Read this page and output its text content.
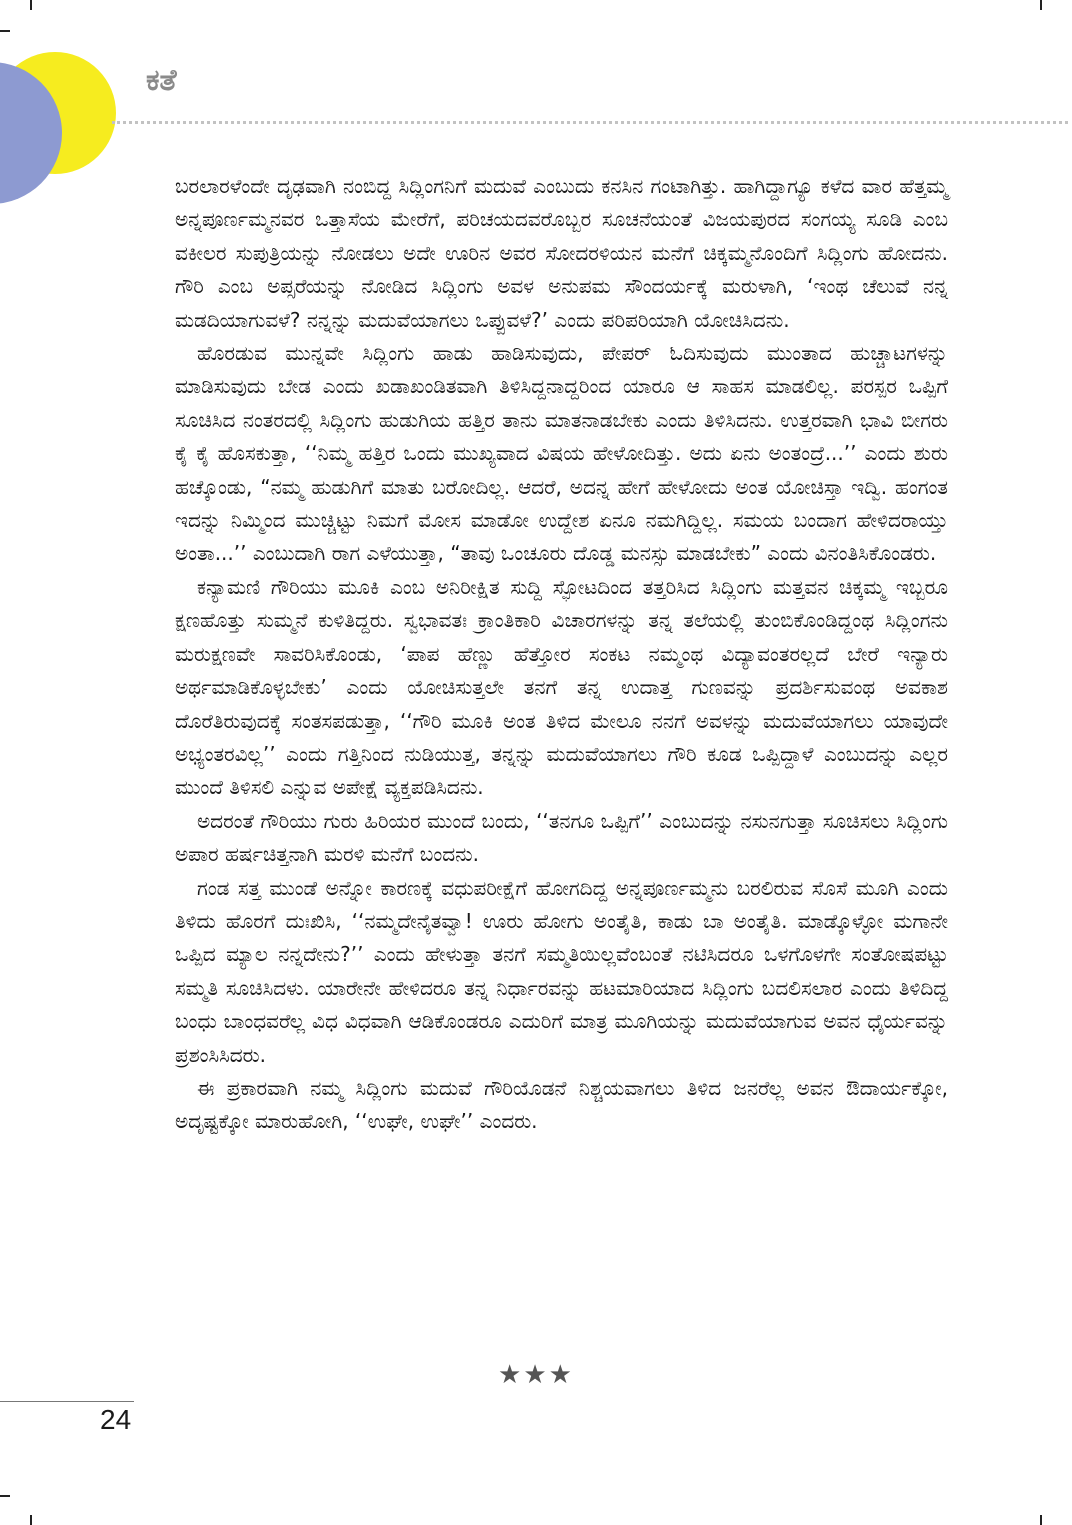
ಕತೆ

ಬರಲಾರಳೆಂದೇ ದೃಢವಾಗಿ ನಂಬಿದ್ದ ಸಿದ್ಲಿಂಗನಿಗೆ ಮದುವೆ ಎಂಬುದು ಕನಸಿನ ಗಂಟಾಗಿತ್ತು. ಹಾಗಿದ್ದಾಗ್ಯೂ ಕಳೆದ ವಾರ ಹೆತ್ತಮ್ಮ ಅನ್ನಪೂರ್ಣಮ್ಮನವರ ಒತ್ತಾಸೆಯ ಮೇರೆಗೆ, ಪರಿಚಯದವರೊಬ್ಬರ ಸೂಚನೆಯಂತೆ ವಿಜಯಪುರದ ಸಂಗಯ್ಯ ಸೂಡಿ ಎಂಬ ವಕೀಲರ ಸುಪುತ್ರಿಯನ್ನು ನೋಡಲು ಅದೇ ಊರಿನ ಅವರ ಸೋದರಳಿಯನ ಮನೆಗೆ ಚಿಕ್ಕಮ್ಮನೊಂದಿಗೆ ಸಿದ್ಲಿಂಗು ಹೋದನು. ಗೌರಿ ಎಂಬ ಅಪ್ಸರೆಯನ್ನು ನೋಡಿದ ಸಿದ್ಲಿಂಗು ಅವಳ ಅನುಪಮ ಸೌಂದರ್ಯಕ್ಕೆ ಮರುಳಾಗಿ, ‘ಇಂಥ ಚೆಲುವೆ ನನ್ನ ಮಡದಿಯಾಗುವಳೆ? ನನ್ನನ್ನು ಮದುವೆಯಾಗಲು ಒಪ್ಪುವಳೆ?’ ಎಂದು ಪರಿಪರಿಯಾಗಿ ಯೋಚಿಸಿದನು.

ಹೊರಡುವ ಮುನ್ನವೇ ಸಿದ್ಲಿಂಗು ಹಾಡು ಹಾಡಿಸುವುದು, ಪೇಪರ್ ಓದಿಸುವುದು ಮುಂತಾದ ಹುಚ್ಚಾಟಗಳನ್ನು ಮಾಡಿಸುವುದು ಬೇಡ ಎಂದು ಖಡಾಖಂಡಿತವಾಗಿ ತಿಳಿಸಿದ್ದನಾದ್ದರಿಂದ ಯಾರೂ ಆ ಸಾಹಸ ಮಾಡಲಿಲ್ಲ. ಪರಸ್ಪರ ಒಪ್ಪಿಗೆ ಸೂಚಿಸಿದ ನಂತರದಲ್ಲಿ ಸಿದ್ಲಿಂಗು ಹುಡುಗಿಯ ಹತ್ತಿರ ತಾನು ಮಾತನಾಡಬೇಕು ಎಂದು ತಿಳಿಸಿದನು. ಉತ್ತರವಾಗಿ ಭಾವಿ ಬೀಗರು ಕೈ ಕೈ ಹೊಸಕುತ್ತಾ, ‘‘ನಿಮ್ಮ ಹತ್ತಿರ ಒಂದು ಮುಖ್ಯವಾದ ವಿಷಯ ಹೇಳೋದಿತ್ತು. ಅದು ಏನು ಅಂತಂದ್ರೆ...’’ ಎಂದು ಶುರು ಹಚ್ಕೊಂಡು, “ನಮ್ಮ ಹುಡುಗಿಗೆ ಮಾತು ಬರೋದಿಲ್ಲ. ಆದರೆ, ಅದನ್ನ ಹೇಗೆ ಹೇಳೋದು ಅಂತ ಯೋಚಿಸ್ತಾ ಇದ್ವಿ. ಹಂಗಂತ ಇದನ್ನು ನಿಮ್ಮಿಂದ ಮುಚ್ಚಿಟ್ಟು ನಿಮಗೆ ಮೋಸ ಮಾಡೋ ಉದ್ದೇಶ ಏನೂ ನಮಗಿದ್ದಿಲ್ಲ. ಸಮಯ ಬಂದಾಗ ಹೇಳಿದರಾಯ್ತು ಅಂತಾ...’’ ಎಂಬುದಾಗಿ ರಾಗ ಎಳೆಯುತ್ತಾ, “ತಾವು ಒಂಚೂರು ದೊಡ್ಡ ಮನಸ್ಸು ಮಾಡಬೇಕು” ಎಂದು ವಿನಂತಿಸಿಕೊಂಡರು.

ಕನ್ಯಾಮಣಿ ಗೌರಿಯು ಮೂಕಿ ಎಂಬ ಅನಿರೀಕ್ಷಿತ ಸುದ್ದಿ ಸ್ಫೋಟದಿಂದ ತತ್ತರಿಸಿದ ಸಿದ್ಲಿಂಗು ಮತ್ತವನ ಚಿಕ್ಕಮ್ಮ ಇಬ್ಬರೂ ಕ್ಷಣಹೊತ್ತು ಸುಮ್ಮನೆ ಕುಳಿತಿದ್ದರು. ಸ್ವಭಾವತಃ ಕ್ರಾಂತಿಕಾರಿ ವಿಚಾರಗಳನ್ನು ತನ್ನ ತಲೆಯಲ್ಲಿ ತುಂಬಿಕೊಂಡಿದ್ದಂಥ ಸಿದ್ಲಿಂಗನು ಮರುಕ್ಷಣವೇ ಸಾವರಿಸಿಕೊಂಡು, ‘ಪಾಪ ಹೆಣ್ಣು ಹೆತ್ತೋರ ಸಂಕಟ ನಮ್ಮಂಥ ವಿದ್ಯಾವಂತರಲ್ಲದೆ ಬೇರೆ ಇನ್ಯಾರು ಅರ್ಥಮಾಡಿಕೊಳ್ಳಬೇಕು’ ಎಂದು ಯೋಚಿಸುತ್ತಲೇ ತನಗೆ ತನ್ನ ಉದಾತ್ತ ಗುಣವನ್ನು ಪ್ರದರ್ಶಿಸುವಂಥ ಅವಕಾಶ ದೊರೆತಿರುವುದಕ್ಕೆ ಸಂತಸಪಡುತ್ತಾ, ‘‘ಗೌರಿ ಮೂಕಿ ಅಂತ ತಿಳಿದ ಮೇಲೂ ನನಗೆ ಅವಳನ್ನು ಮದುವೆಯಾಗಲು ಯಾವುದೇ ಅಭ್ಯಂತರವಿಲ್ಲ’’ ಎಂದು ಗತ್ತಿನಿಂದ ನುಡಿಯುತ್ತ, ತನ್ನನ್ನು ಮದುವೆಯಾಗಲು ಗೌರಿ ಕೂಡ ಒಪ್ಪಿದ್ದಾಳೆ ಎಂಬುದನ್ನು ಎಲ್ಲರ ಮುಂದೆ ತಿಳಿಸಲಿ ಎನ್ನುವ ಅಪೇಕ್ಷೆ ವ್ಯಕ್ತಪಡಿಸಿದನು.

ಅದರಂತೆ ಗೌರಿಯು ಗುರು ಹಿರಿಯರ ಮುಂದೆ ಬಂದು, ‘‘ತನಗೂ ಒಪ್ಪಿಗೆ’’ ಎಂಬುದನ್ನು ನಸುನಗುತ್ತಾ ಸೂಚಿಸಲು ಸಿದ್ಲಿಂಗು ಅಪಾರ ಹರ್ಷಚಿತ್ತನಾಗಿ ಮರಳಿ ಮನೆಗೆ ಬಂದನು.

ಗಂಡ ಸತ್ತ ಮುಂಡೆ ಅನ್ನೋ ಕಾರಣಕ್ಕೆ ವಧುಪರೀಕ್ಷೆಗೆ ಹೋಗದಿದ್ದ ಅನ್ನಪೂರ್ಣಮ್ಮನು ಬರಲಿರುವ ಸೊಸೆ ಮೂಗಿ ಎಂದು ತಿಳಿದು ಹೊರಗೆ ದುಃಖಿಸಿ, ‘‘ನಮ್ಮದೇನೈತವ್ವಾ! ಊರು ಹೋಗು ಅಂತೈತಿ, ಕಾಡು ಬಾ ಅಂತೈತಿ. ಮಾಡ್ಕೊಳ್ಳೋ ಮಗಾನೇ ಒಪ್ಪಿದ ಮ್ಯಾಲ ನನ್ನದೇನು?’’ ಎಂದು ಹೇಳುತ್ತಾ ತನಗೆ ಸಮ್ಮತಿಯಿಲ್ಲವೆಂಬಂತೆ ನಟಿಸಿದರೂ ಒಳಗೊಳಗೇ ಸಂತೋಷಪಟ್ಟು ಸಮ್ಮತಿ ಸೂಚಿಸಿದಳು. ಯಾರೇನೇ ಹೇಳಿದರೂ ತನ್ನ ನಿರ್ಧಾರವನ್ನು ಹಟಮಾರಿಯಾದ ಸಿದ್ಲಿಂಗು ಬದಲಿಸಲಾರ ಎಂದು ತಿಳಿದಿದ್ದ ಬಂಧು ಬಾಂಧವರೆಲ್ಲ ವಿಧ ವಿಧವಾಗಿ ಆಡಿಕೊಂಡರೂ ಎದುರಿಗೆ ಮಾತ್ರ ಮೂಗಿಯನ್ನು ಮದುವೆಯಾಗುವ ಅವನ ಧೈರ್ಯವನ್ನು ಪ್ರಶಂಸಿಸಿದರು.

ಈ ಪ್ರಕಾರವಾಗಿ ನಮ್ಮ ಸಿದ್ಲಿಂಗು ಮದುವೆ ಗೌರಿಯೊಡನೆ ನಿಶ್ಚಯವಾಗಲು ತಿಳಿದ ಜನರೆಲ್ಲ ಅವನ ಔದಾರ್ಯಕ್ಕೋ, ಅದೃಷ್ಟಕ್ಕೋ ಮಾರುಹೋಗಿ, ‘‘ಉಘೇ, ಉಘೇ’’ ಎಂದರು.

★★★
24
